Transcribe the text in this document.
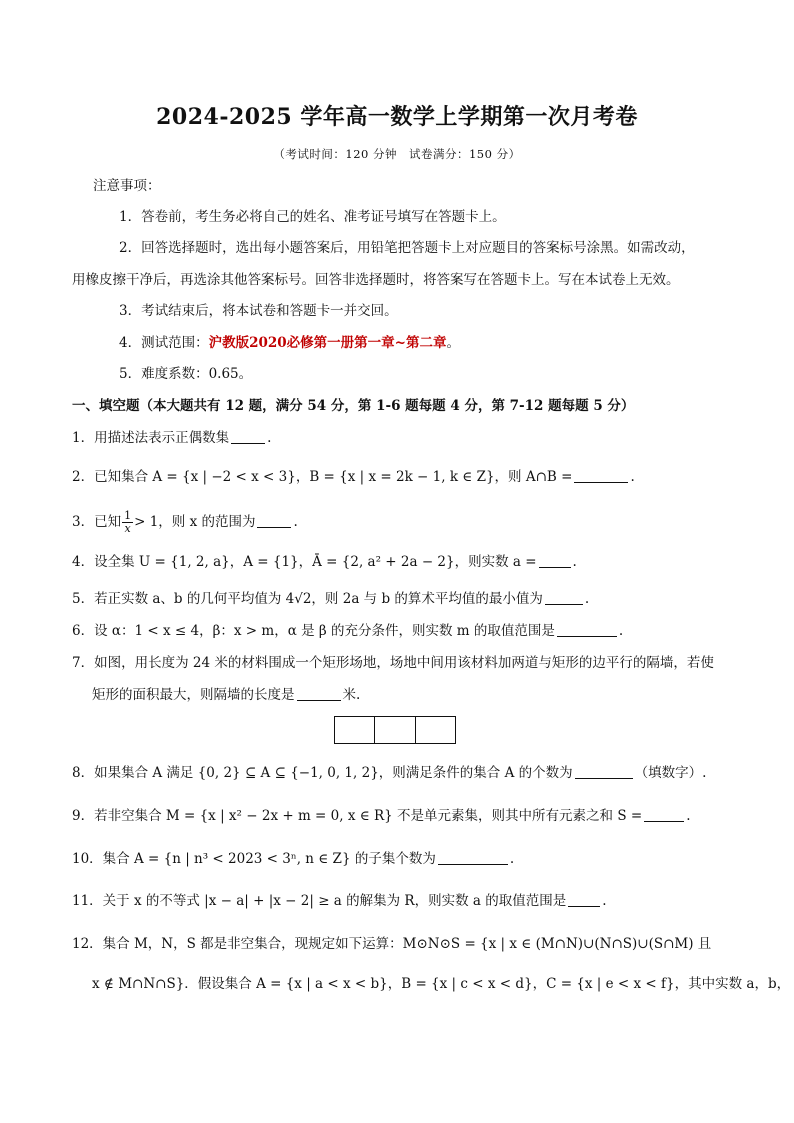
2024-2025 学年高一数学上学期第一次月考卷
（考试时间：120 分钟　试卷满分：150 分）
注意事项：
1．答卷前，考生务必将自己的姓名、准考证号填写在答题卡上。
2．回答选择题时，选出每小题答案后，用铅笔把答题卡上对应题目的答案标号涂黑。如需改动，
用橡皮擦干净后，再选涂其他答案标号。回答非选择题时，将答案写在答题卡上。写在本试卷上无效。
3．考试结束后，将本试卷和答题卡一并交回。
4．测试范围：沪教版2020必修第一册第一章~第二章。
5．难度系数：0.65。
一、填空题（本大题共有 12 题，满分 54 分，第 1-6 题每题 4 分，第 7-12 题每题 5 分）
1．用描述法表示正偶数集	.
2．已知集合 A = {x | −2 < x < 3}，B = {x | x = 2k − 1, k ∈ Z}，则 A∩B =	.
3．已知 $\frac{1}{x} > 1$，则 x 的范围为	.
4．设全集 U = {1, 2, a}，A = {1}，Ā = {2, a² + 2a − 2}，则实数 a =	.
5．若正实数 a、b 的几何平均值为 4√2，则 2a 与 b 的算术平均值的最小值为	.
6．设 α：1 < x ≤ 4，β：x > m，α 是 β 的充分条件，则实数 m 的取值范围是	.
7．如图，用长度为 24 米的材料围成一个矩形场地，场地中间用该材料加两道与矩形的边平行的隔墙，若使
矩形的面积最大，则隔墙的长度是	米.
8．如果集合 A 满足 {0, 2} ⊆ A ⊆ {−1, 0, 1, 2}，则满足条件的集合 A 的个数为	（填数字）.
9．若非空集合 M = {x | x² − 2x + m = 0, x ∈ R} 不是单元素集，则其中所有元素之和 S =	.
10．集合 A = {n | n³ < 2023 < 3ⁿ, n ∈ Z} 的子集个数为	.
11．关于 x 的不等式 |x − a| + |x − 2| ≥ a 的解集为 R，则实数 a 的取值范围是	.
12．集合 M，N，S 都是非空集合，现规定如下运算：M⊙N⊙S = {x | x ∈ (M∩N)∪(N∩S)∪(S∩M) 且
x ∉ M∩N∩S}．假设集合 A = {x | a < x < b}，B = {x | c < x < d}，C = {x | e < x < f}，其中实数 a，b，
